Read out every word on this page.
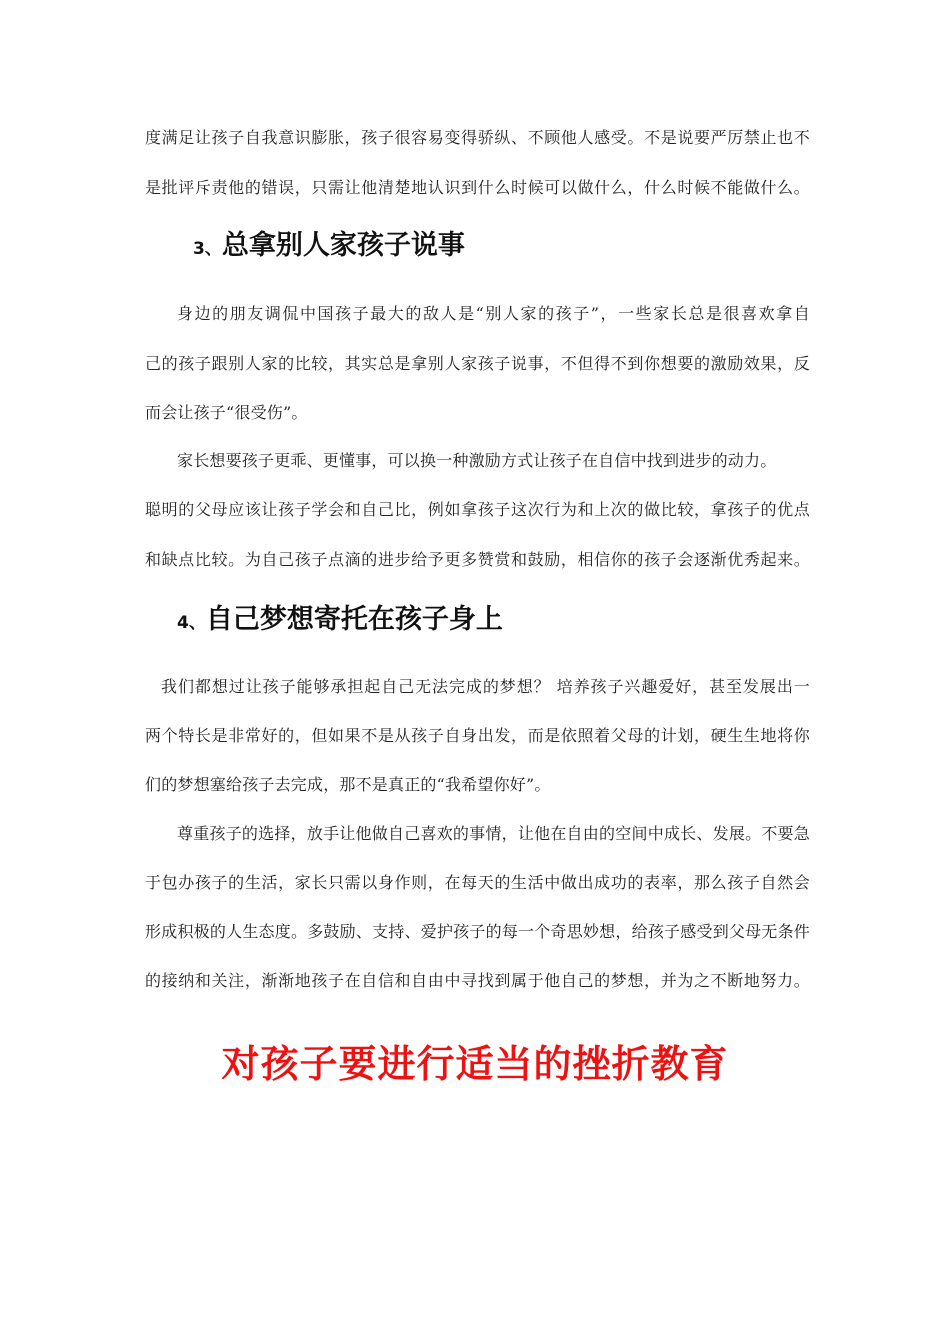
度满足让孩子自我意识膨胀，孩子很容易变得骄纵、不顾他人感受。不是说要严厉禁止也不
是批评斥责他的错误，只需让他清楚地认识到什么时候可以做什么，什么时候不能做什么。
3、总拿别人家孩子说事
身边的朋友调侃中国孩子最大的敌人是“别人家的孩子”，一些家长总是很喜欢拿自
己的孩子跟别人家的比较，其实总是拿别人家孩子说事，不但得不到你想要的激励效果，反
而会让孩子“很受伤”。
家长想要孩子更乖、更懂事，可以换一种激励方式让孩子在自信中找到进步的动力。
聪明的父母应该让孩子学会和自己比，例如拿孩子这次行为和上次的做比较，拿孩子的优点
和缺点比较。为自己孩子点滴的进步给予更多赞赏和鼓励，相信你的孩子会逐渐优秀起来。
4、自己梦想寄托在孩子身上
我们都想过让孩子能够承担起自己无法完成的梦想？ 培养孩子兴趣爱好，甚至发展出一
两个特长是非常好的，但如果不是从孩子自身出发，而是依照着父母的计划，硬生生地将你
们的梦想塞给孩子去完成，那不是真正的“我希望你好”。
尊重孩子的选择，放手让他做自己喜欢的事情，让他在自由的空间中成长、发展。不要急
于包办孩子的生活，家长只需以身作则，在每天的生活中做出成功的表率，那么孩子自然会
形成积极的人生态度。多鼓励、支持、爱护孩子的每一个奇思妙想，给孩子感受到父母无条件
的接纳和关注，渐渐地孩子在自信和自由中寻找到属于他自己的梦想，并为之不断地努力。
对孩子要进行适当的挫折教育
